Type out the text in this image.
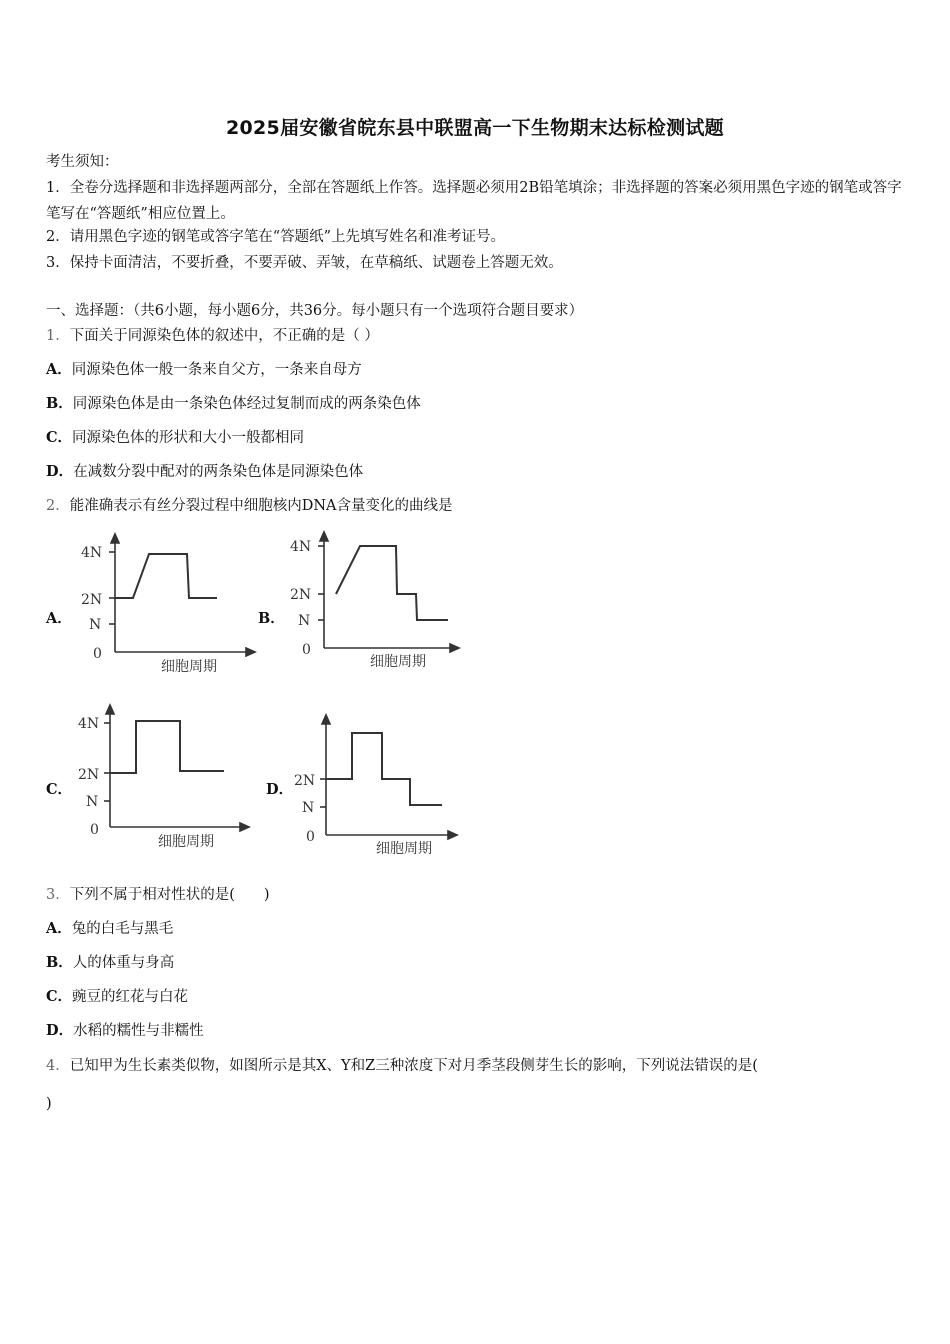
2025届安徽省皖东县中联盟高一下生物期末达标检测试题
考生须知：
1．全卷分选择题和非选择题两部分，全部在答题纸上作答。选择题必须用2B铅笔填涂；非选择题的答案必须用黑色字迹的钢笔或答字笔写在“答题纸”相应位置上。
2．请用黑色字迹的钢笔或答字笔在“答题纸”上先填写姓名和准考证号。
3．保持卡面清洁，不要折叠，不要弄破、弄皱，在草稿纸、试题卷上答题无效。
一、选择题：（共6小题，每小题6分，共36分。每小题只有一个选项符合题目要求）
1．下面关于同源染色体的叙述中，不正确的是（ ）
A．同源染色体一般一条来自父方，一条来自母方
B．同源染色体是由一条染色体经过复制而成的两条染色体
C．同源染色体的形状和大小一般都相同
D．在减数分裂中配对的两条染色体是同源染色体
2．能准确表示有丝分裂过程中细胞核内DNA含量变化的曲线是
A．
4N
2N
N
0
细胞周期
B．
4N
2N
N
0
细胞周期
C．
4N
2N
N
0
细胞周期
D． 2N
N
0
细胞周期
3．下列不属于相对性状的是(　　)
A．兔的白毛与黑毛
B．人的体重与身高
C．豌豆的红花与白花
D．水稻的糯性与非糯性
4．已知甲为生长素类似物，如图所示是其X、Y和Z三种浓度下对月季茎段侧芽生长的影响，下列说法错误的是(
)
